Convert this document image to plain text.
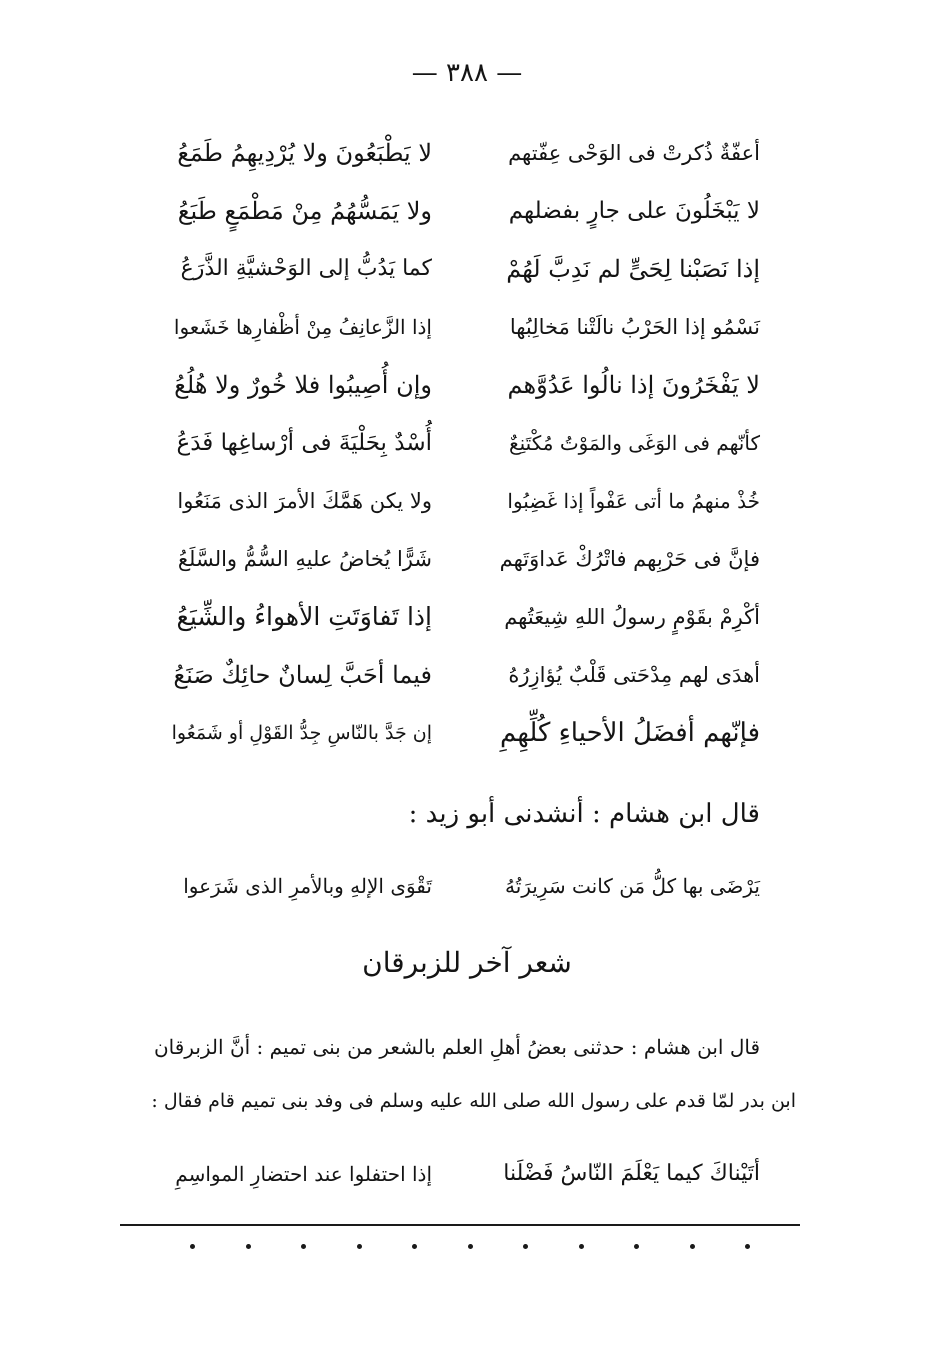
— ٣٨٨ —
أعفّةٌ ذُكرتْ فى الوَحْى عِفّتهم
لا يَطْبَعُونَ ولا يُرْدِيهِمُ طَمَعُ
لا يَبْخَلُونَ على جارٍ بفضلهم
ولا يَمَسُّهُمُ مِنْ مَطْمَعٍ طَبَعُ
إذا نَصَبْنا لِحَىٍّ لم نَدِبَّ لَهُمْ
كما يَدُبُّ إلى الوَحْشيَّةِ الذَّرَعُ
نَسْمُو إذا الحَرْبُ نالَتْنا مَخالِبُها
إذا الزَّعانِفُ مِنْ أظْفارِها خَشَعوا
لا يَفْخَرُونَ إذا نالُوا عَدُوَّهم
وإن أُصِيبُوا فلا خُورٌ ولا هُلُعُ
كأنّهم فى الوَغَى والمَوْتُ مُكْتَنِعٌ
أُسْدٌ بِحَلْيَةَ فى أرْساغِها فَدَعُ
خُذْ منهمُ ما أتى عَفْواً إذا غَضِبُوا
ولا يكن هَمَّكَ الأمرَ الذى مَنَعُوا
فإنَّ فى حَرْبِهم فاتْرُكْ عَداوَتَهم
شَرًّا يُخاضُ عليهِ السُّمُّ والسَّلَعُ
أكْرِمْ بقَوْمٍ رسولُ اللهِ شِيعَتُهم
إذا تَفاوَتَتِ الأهواءُ والشِّيَعُ
أهدَى لهم مِدْحَتى قَلْبٌ يُؤازِرُهُ
فيما أحَبَّ لِسانٌ حائِكٌ صَنَعُ
فإنّهم أفضَلُ الأحياءِ كُلِّهِمِ
إن جَدَّ بالنّاسِ جِدُّ القَوْلِ أو شَمَعُوا
قال ابن هشام : أنشدنى أبو زيد :
يَرْضَى بها كلُّ مَن كانت سَرِيرَتُهُ
تَقْوَى الإلهِ وبالأمرِ الذى شَرَعوا
شعر آخر للزبرقان
قال ابن هشام : حدثنى بعضُ أهلِ العلم بالشعر من بنى تميم : أنَّ الزبرقان
ابن بدر لمّا قدم على رسول الله صلى الله عليه وسلم فى وفد بنى تميم قام فقال :
أتَيْناكَ كيما يَعْلَمَ النّاسُ فَضْلَنا
إذا احتفلوا عند احتضارِ المواسِمِ
